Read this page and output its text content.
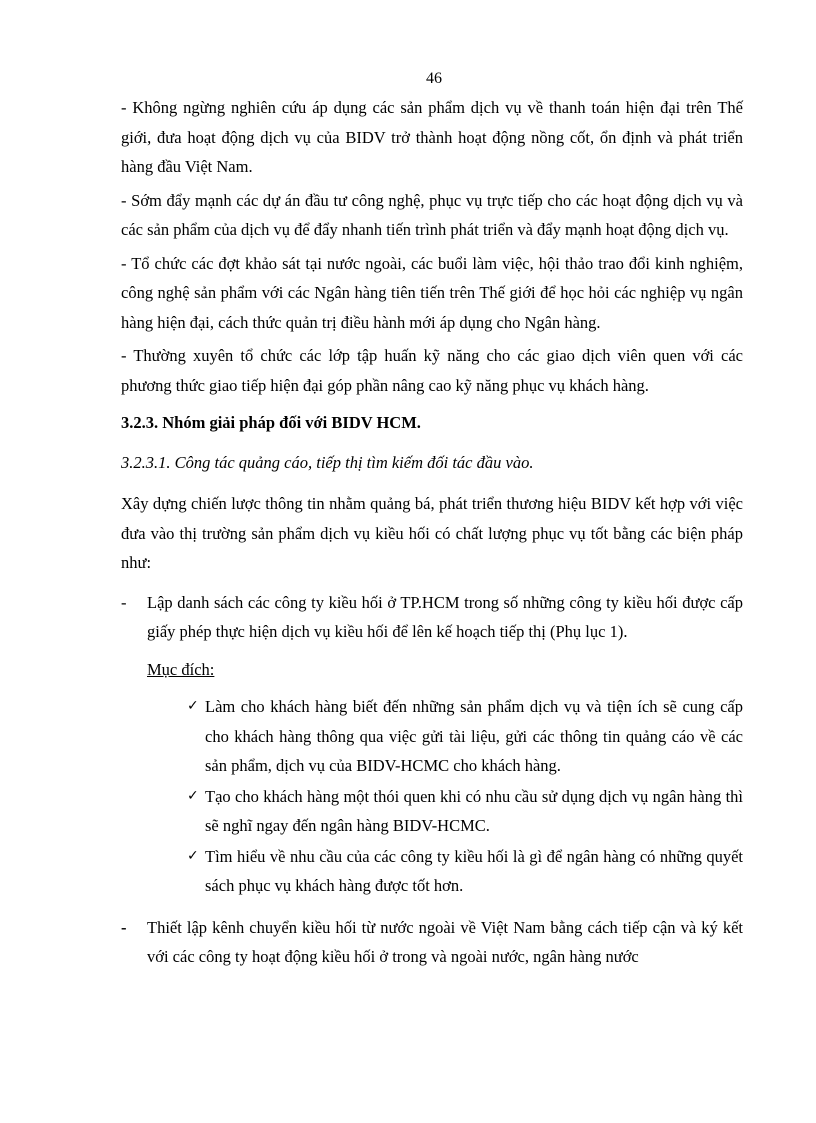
46

- Không ngừng nghiên cứu áp dụng các sản phẩm dịch vụ về thanh toán hiện đại trên Thế giới, đưa hoạt động dịch vụ của BIDV trở thành hoạt động nồng cốt, ổn định và phát triển hàng đầu Việt Nam.

- Sớm đẩy mạnh các dự án đầu tư công nghệ, phục vụ trực tiếp cho các hoạt động dịch vụ và các sản phẩm của dịch vụ để đẩy nhanh tiến trình phát triển và đẩy mạnh hoạt động dịch vụ.

- Tổ chức các đợt khảo sát tại nước ngoài, các buổi làm việc, hội thảo trao đổi kinh nghiệm, công nghệ sản phẩm với các Ngân hàng tiên tiến trên Thế giới để học hỏi các nghiệp vụ ngân hàng hiện đại, cách thức quản trị điều hành mới áp dụng cho Ngân hàng.

- Thường xuyên tổ chức các lớp tập huấn kỹ năng cho các giao dịch viên quen với các phương thức giao tiếp hiện đại góp phần nâng cao kỹ năng phục vụ khách hàng.

3.2.3. Nhóm giải pháp đối với BIDV HCM.

3.2.3.1. Công tác quảng cáo, tiếp thị tìm kiếm đối tác đầu vào.

Xây dựng chiến lược thông tin nhằm quảng bá, phát triển thương hiệu BIDV kết hợp với việc đưa vào thị trường sản phẩm dịch vụ kiều hối có chất lượng phục vụ tốt bằng các biện pháp như:

- Lập danh sách các công ty kiều hối ở TP.HCM trong số những công ty kiều hối được cấp giấy phép thực hiện dịch vụ kiều hối để lên kế hoạch tiếp thị (Phụ lục 1).

Mục đích:

✓ Làm cho khách hàng biết đến những sản phẩm dịch vụ và tiện ích sẽ cung cấp cho khách hàng thông qua việc gửi tài liệu, gửi các thông tin quảng cáo về các sản phẩm, dịch vụ của BIDV-HCMC cho khách hàng.
✓ Tạo cho khách hàng một thói quen khi có nhu cầu sử dụng dịch vụ ngân hàng thì sẽ nghĩ ngay đến ngân hàng BIDV-HCMC.
✓ Tìm hiểu về nhu cầu của các công ty kiều hối là gì để ngân hàng có những quyết sách phục vụ khách hàng được tốt hơn.
- Thiết lập kênh chuyển kiều hối từ nước ngoài về Việt Nam bằng cách tiếp cận và ký kết với các công ty hoạt động kiều hối ở trong và ngoài nước, ngân hàng nước
